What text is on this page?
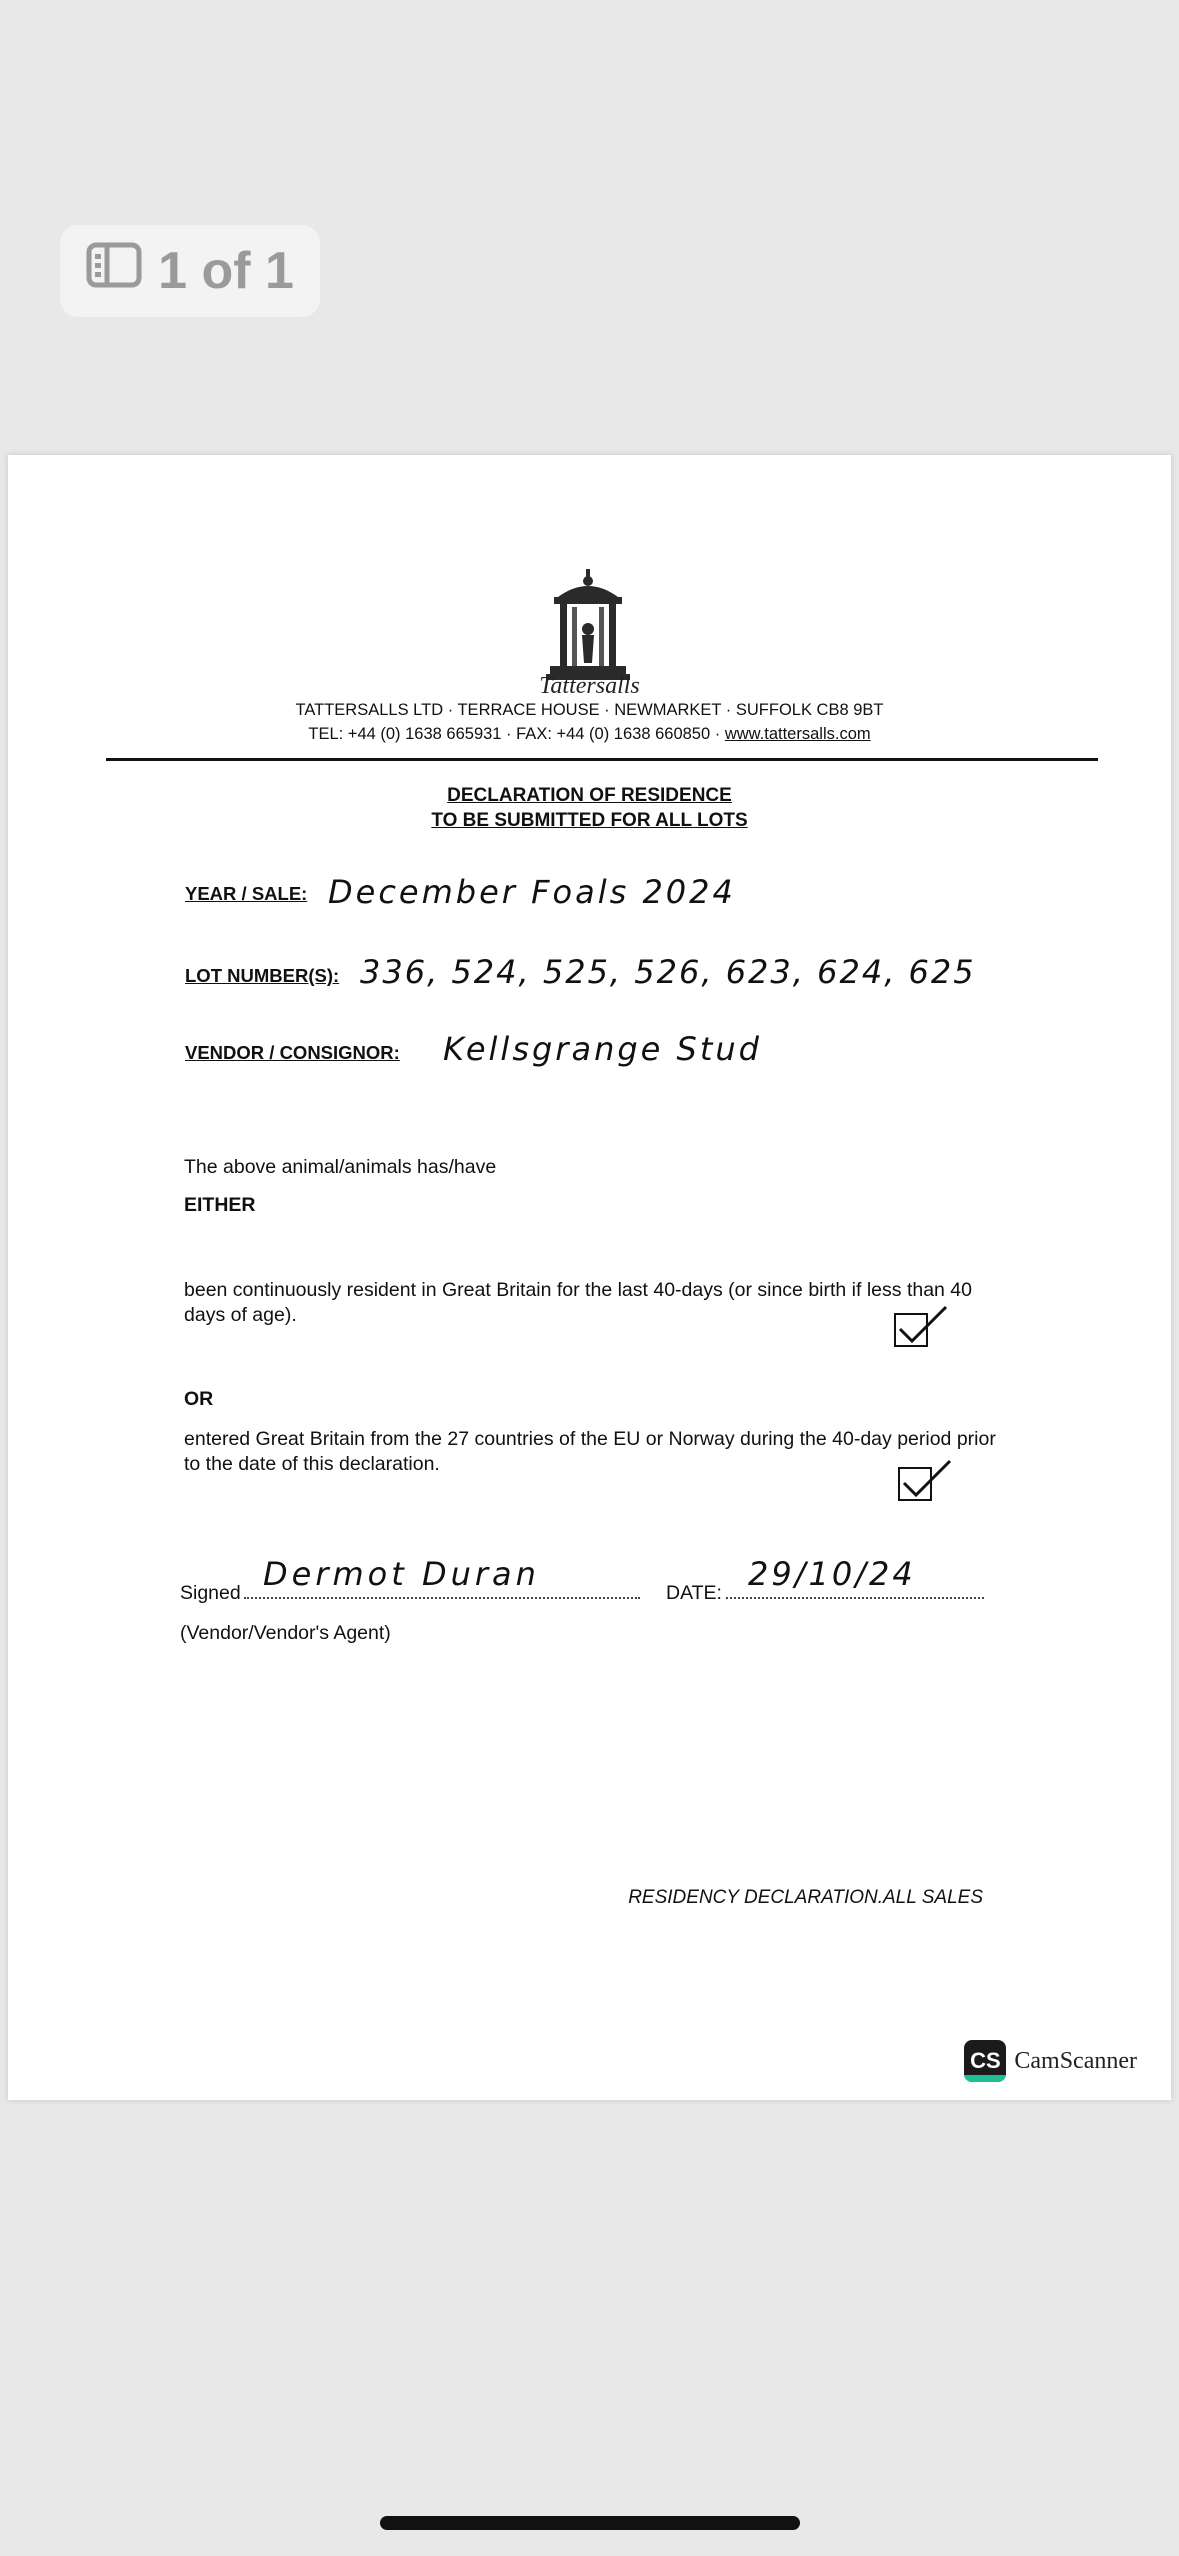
1 of 1
Tattersalls
TATTERSALLS LTD · TERRACE HOUSE · NEWMARKET · SUFFOLK CB8 9BT
TEL: +44 (0) 1638 665931 · FAX: +44 (0) 1638 660850 · www.tattersalls.com
DECLARATION OF RESIDENCE
TO BE SUBMITTED FOR ALL LOTS
YEAR / SALE: December Foals 2024
LOT NUMBER(S): 336, 524, 525, 526, 623, 624, 625
VENDOR / CONSIGNOR: Kellsgrange Stud
The above animal/animals has/have
EITHER
been continuously resident in Great Britain for the last 40-days (or since birth if less than 40 days of age).
OR
entered Great Britain from the 27 countries of the EU or Norway during the 40-day period prior to the date of this declaration.
Signed Dermot Duran	DATE: 29/10/24
(Vendor/Vendor's Agent)
RESIDENCY DECLARATION.ALL SALES
CS CamScanner
